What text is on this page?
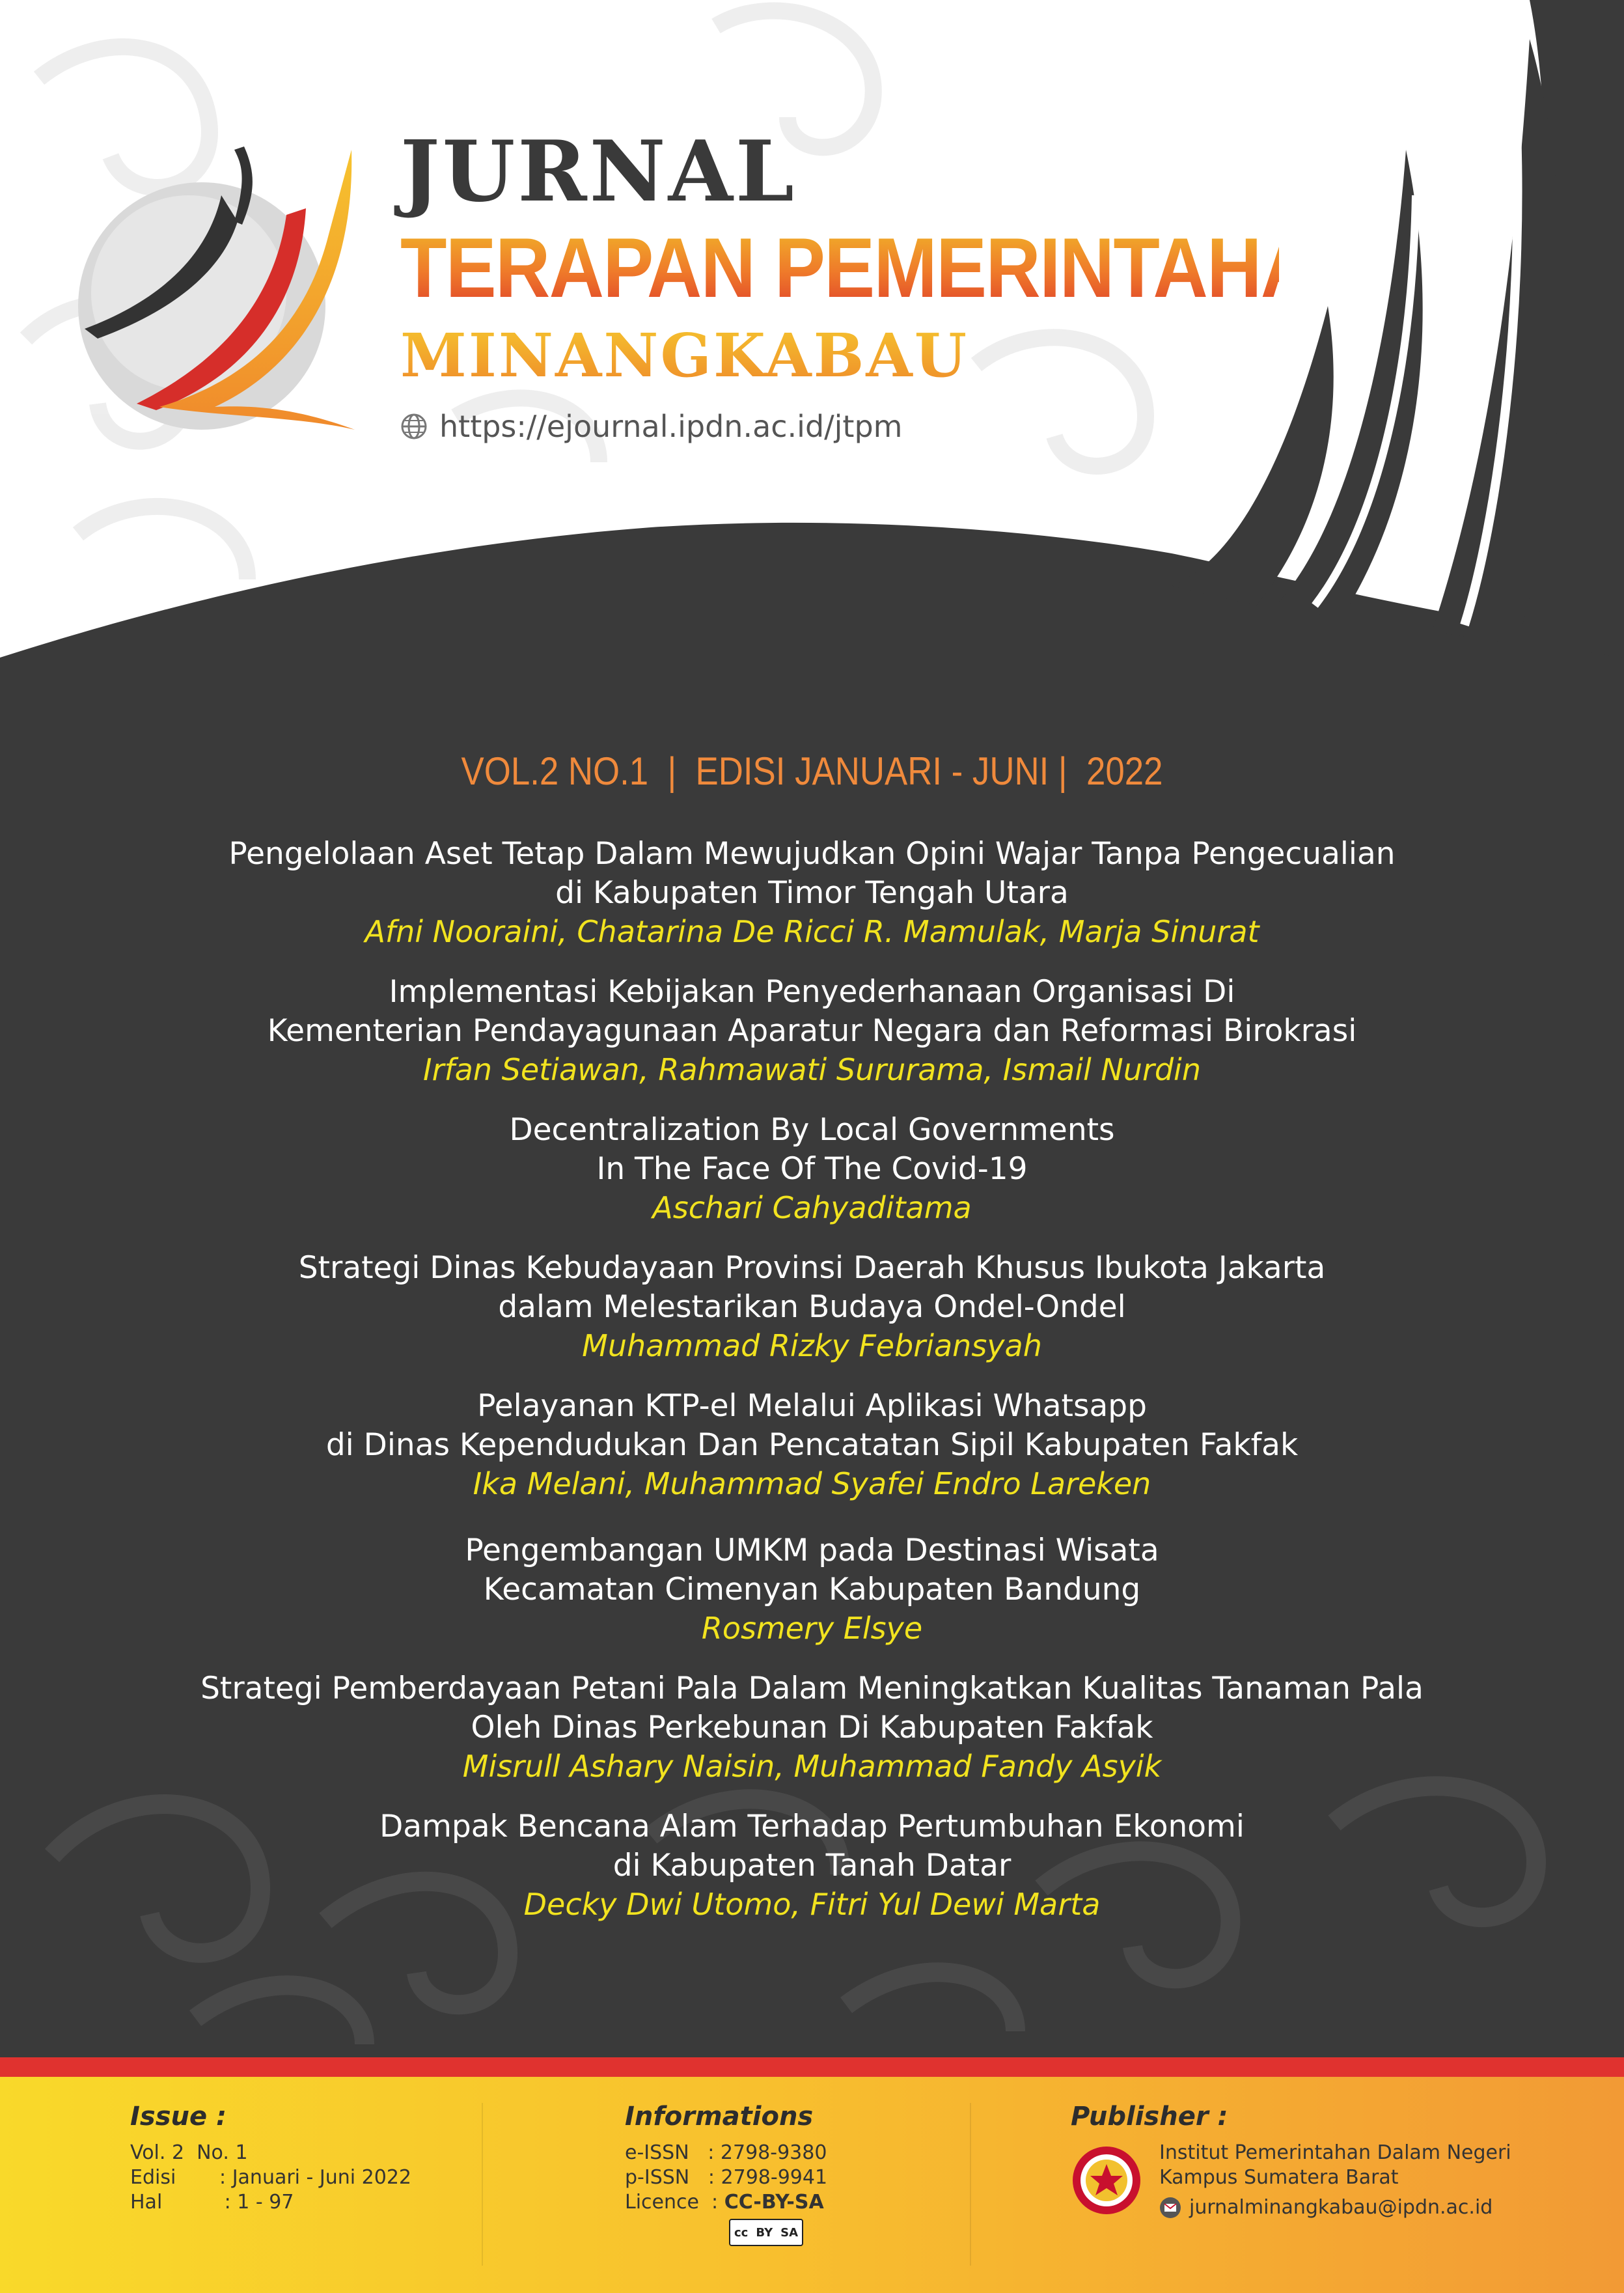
JURNAL
TERAPAN PEMERINTAHAN
MINANGKABAU
https://ejournal.ipdn.ac.id/jtpm
VOL.2 NO.1  |  EDISI JANUARI - JUNI |  2022
Pengelolaan Aset Tetap Dalam Mewujudkan Opini Wajar Tanpa Pengecualian
di Kabupaten Timor Tengah Utara
Afni Nooraini, Chatarina De Ricci R. Mamulak, Marja Sinurat
Implementasi Kebijakan Penyederhanaan Organisasi Di
Kementerian Pendayagunaan Aparatur Negara dan Reformasi Birokrasi
Irfan Setiawan, Rahmawati Sururama, Ismail Nurdin
Decentralization By Local Governments
In The Face Of The Covid-19
Aschari Cahyaditama
Strategi Dinas Kebudayaan Provinsi Daerah Khusus Ibukota Jakarta
dalam Melestarikan Budaya Ondel-Ondel
Muhammad Rizky Febriansyah
Pelayanan KTP-el Melalui Aplikasi Whatsapp
di Dinas Kependudukan Dan Pencatatan Sipil Kabupaten Fakfak
Ika Melani, Muhammad Syafei Endro Lareken
Pengembangan UMKM pada Destinasi Wisata
Kecamatan Cimenyan Kabupaten Bandung
Rosmery Elsye
Strategi Pemberdayaan Petani Pala Dalam Meningkatkan Kualitas Tanaman Pala
Oleh Dinas Perkebunan Di Kabupaten Fakfak
Misrull Ashary Naisin, Muhammad Fandy Asyik
Dampak Bencana Alam Terhadap Pertumbuhan Ekonomi
di Kabupaten Tanah Datar
Decky Dwi Utomo, Fitri Yul Dewi Marta
Issue :
Vol. 2  No. 1
Edisi       : Januari - Juni 2022
Hal          : 1 - 97
Informations
e-ISSN   : 2798-9380
p-ISSN   : 2798-9941
Licence  : CC-BY-SA
cc BY SA
Publisher :
Institut Pemerintahan Dalam Negeri
Kampus Sumatera Barat
jurnalminangkabau@ipdn.ac.id
